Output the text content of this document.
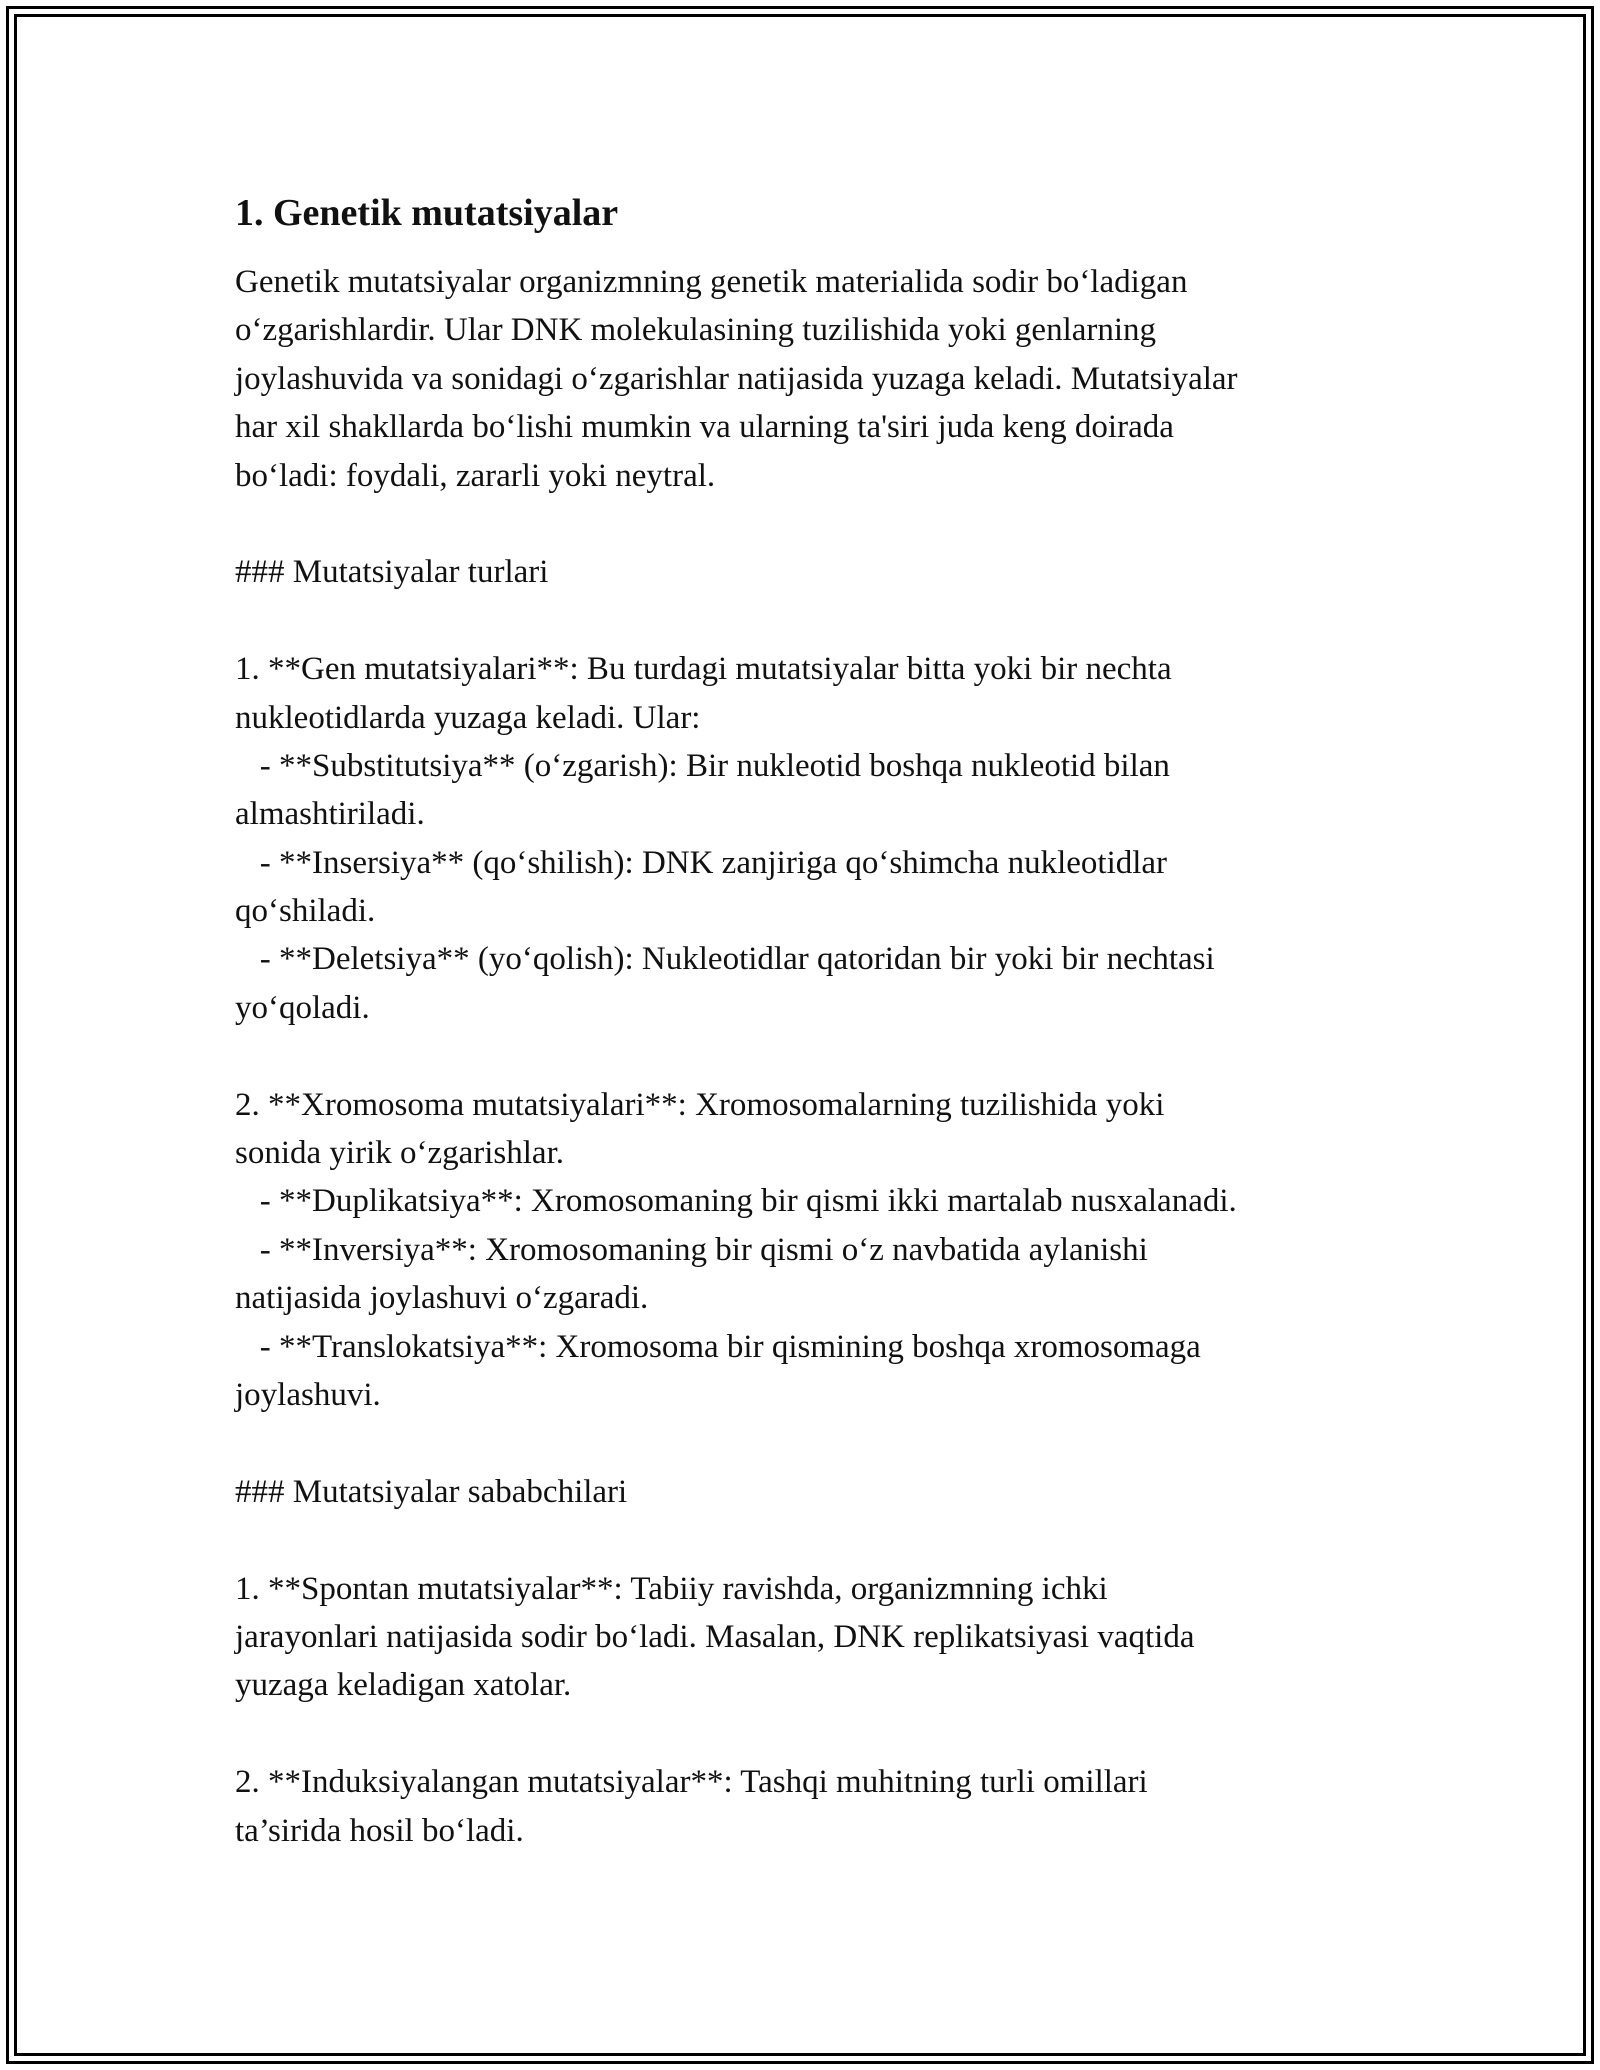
1. Genetik mutatsiyalar
Genetik mutatsiyalar organizmning genetik materialida sodir bo‘ladigan
o‘zgarishlardir. Ular DNK molekulasining tuzilishida yoki genlarning
joylashuvida va sonidagi o‘zgarishlar natijasida yuzaga keladi. Mutatsiyalar
har xil shakllarda bo‘lishi mumkin va ularning ta'siri juda keng doirada
bo‘ladi: foydali, zararli yoki neytral.
### Mutatsiyalar turlari
1. **Gen mutatsiyalari**: Bu turdagi mutatsiyalar bitta yoki bir nechta
nukleotidlarda yuzaga keladi. Ular:
- **Substitutsiya** (o‘zgarish): Bir nukleotid boshqa nukleotid bilan
almashtiriladi.
- **Insersiya** (qo‘shilish): DNK zanjiriga qo‘shimcha nukleotidlar
qo‘shiladi.
- **Deletsiya** (yo‘qolish): Nukleotidlar qatoridan bir yoki bir nechtasi
yo‘qoladi.
2. **Xromosoma mutatsiyalari**: Xromosomalarning tuzilishida yoki
sonida yirik o‘zgarishlar.
- **Duplikatsiya**: Xromosomaning bir qismi ikki martalab nusxalanadi.
- **Inversiya**: Xromosomaning bir qismi o‘z navbatida aylanishi
natijasida joylashuvi o‘zgaradi.
- **Translokatsiya**: Xromosoma bir qismining boshqa xromosomaga
joylashuvi.
### Mutatsiyalar sababchilari
1. **Spontan mutatsiyalar**: Tabiiy ravishda, organizmning ichki
jarayonlari natijasida sodir bo‘ladi. Masalan, DNK replikatsiyasi vaqtida
yuzaga keladigan xatolar.
2. **Induksiyalangan mutatsiyalar**: Tashqi muhitning turli omillari
ta’sirida hosil bo‘ladi.
